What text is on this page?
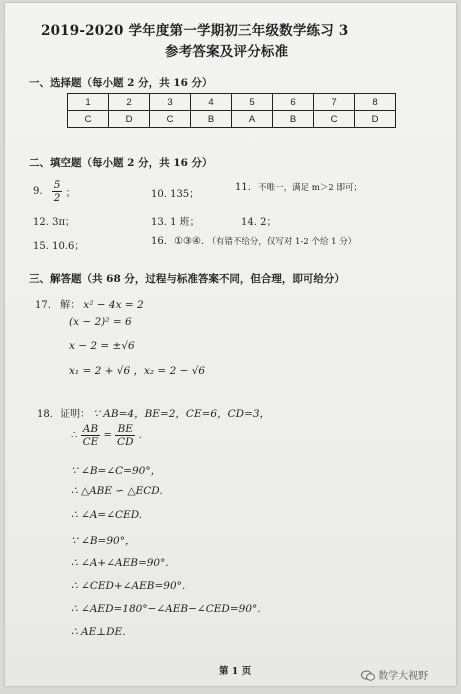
2019-2020 学年度第一学期初三年级数学练习 3
参考答案及评分标准
一、选择题（每小题 2 分，共 16 分）
1	2	3	4	5	6	7	8
C	D	C	B	A	B	C	D
二、填空题（每小题 2 分，共 16 分）
9. $\frac{5}{2}$ ；	10. 135；
11. 不唯一，满足 m＞2 即可；
12. 3π；	13. 1 班；	14. 2；
15. 10.6；	16. ①③④. （有错不给分，仅写对 1-2 个给 1 分）
三、解答题（共 68 分，过程与标准答案不同，但合理，即可给分）
17. 解： x² − 4x = 2
(x − 2)² = 6
x − 2 = ±√6
x₁ = 2 + √6 ，x₂ = 2 − √6
18. 证明： ∵ AB=4，BE=2，CE=6，CD=3，
∴ $\frac{AB}{CE} = \frac{BE}{CD}$ .
∵ ∠B=∠C=90°，
∴ △ABE ∽ △ECD.
∴ ∠A=∠CED.
∵ ∠B=90°，
∴ ∠A+∠AEB=90°.
∴ ∠CED+∠AEB=90°.
∴ ∠AED=180°−∠AEB−∠CED=90°.
∴ AE⊥DE.
第 1 页	数学大视野
